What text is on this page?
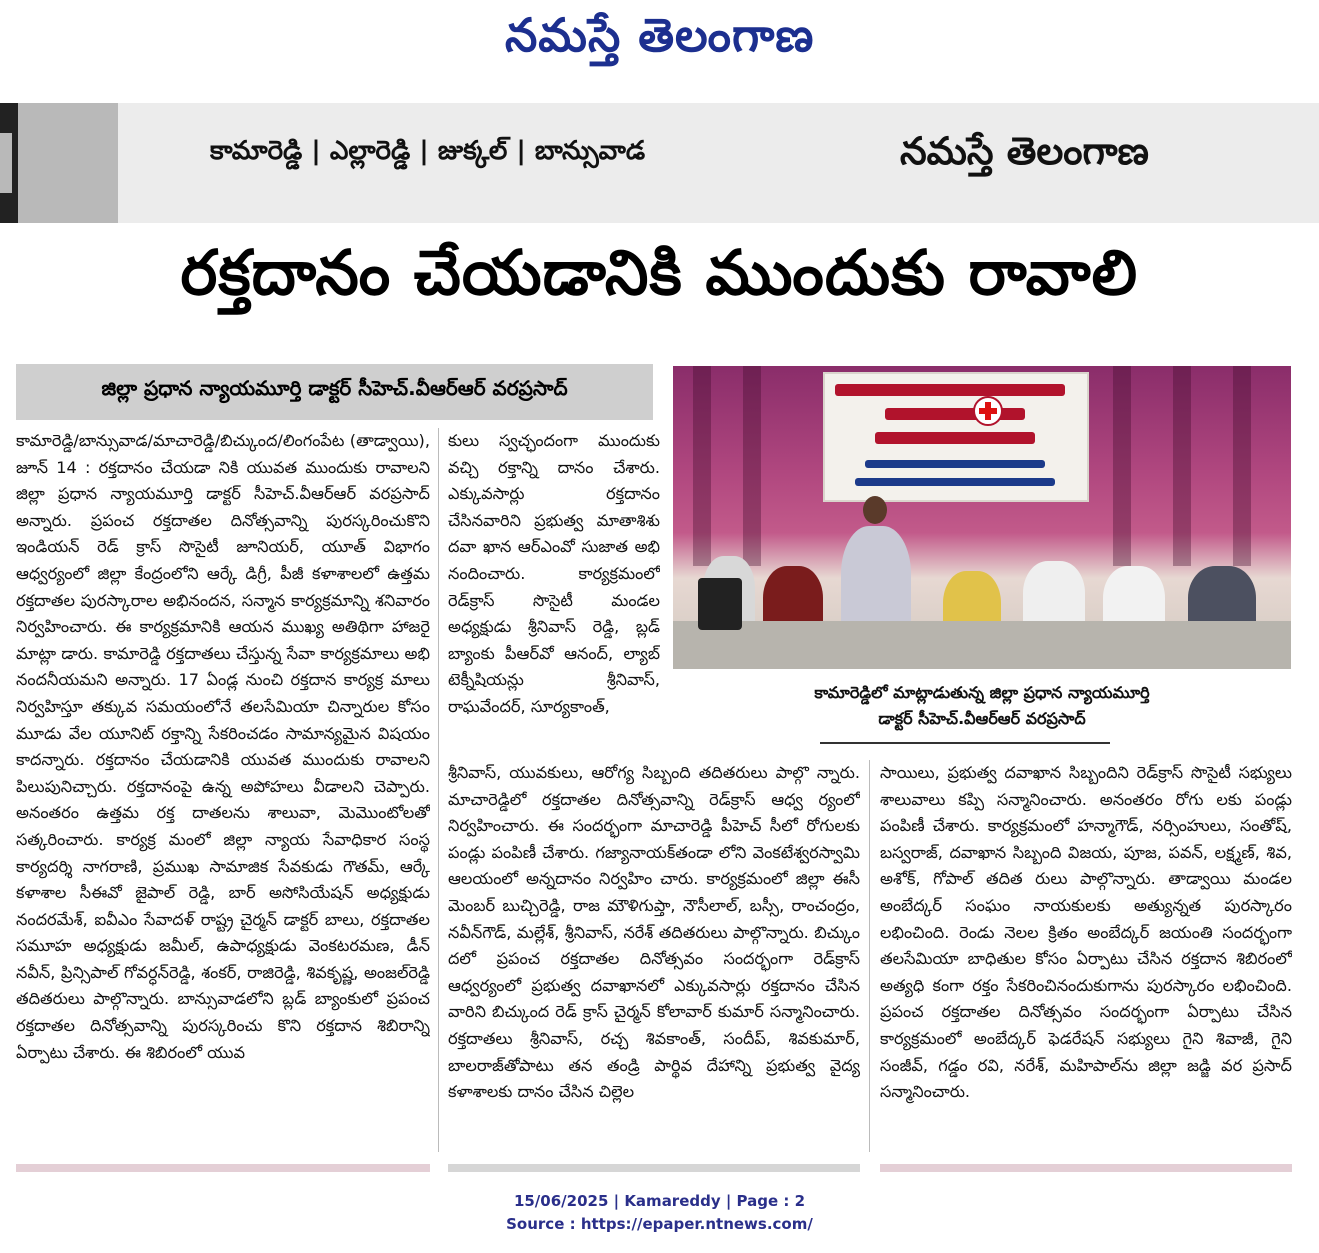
నమస్తే తెలంగాణ
కామారెడ్డి | ఎల్లారెడ్డి | జుక్కల్ | బాన్సువాడ	నమస్తే తెలంగాణ
రక్తదానం చేయడానికి ముందుకు రావాలి
జిల్లా ప్రధాన న్యాయమూర్తి డాక్టర్ సీహెచ్.వీఆర్ఆర్ వరప్రసాద్

కామారెడ్డి/బాన్సువాడ/మాచారెడ్డి/బిచ్కుంద/లింగంపేట (తాడ్వాయి), జూన్ 14 : రక్తదానం చేయడా నికి యువత ముందుకు రావాలని జిల్లా ప్రధాన న్యాయమూర్తి డాక్టర్ సీహెచ్.వీఆర్ఆర్ వరప్రసాద్ అన్నారు. ప్రపంచ రక్తదాతల దినోత్సవాన్ని పురస్కరించుకొని ఇండియన్ రెడ్ క్రాస్ సొసైటీ జూనియర్, యూత్ విభాగం ఆధ్వర్యంలో జిల్లా కేంద్రంలోని ఆర్కే డిగ్రీ, పీజీ కళాశాలలో ఉత్తమ రక్తదాతల పురస్కారాల అభినందన, సన్మాన కార్యక్రమాన్ని శనివారం నిర్వహించారు. ఈ కార్యక్రమానికి ఆయన ముఖ్య అతిథిగా హాజరై మాట్లా డారు. కామారెడ్డి రక్తదాతలు చేస్తున్న సేవా కార్యక్రమాలు అభి నందనీయమని అన్నారు. 17 ఏండ్ల నుంచి రక్తదాన కార్యక్ర మాలు నిర్వహిస్తూ తక్కువ సమయంలోనే తలసేమియా చిన్నారుల కోసం మూడు వేల యూనిట్ రక్తాన్ని సేకరించడం సామాన్యమైన విషయం కాదన్నారు. రక్తదానం చేయడానికి యువత ముందుకు రావాలని పిలుపునిచ్చారు. రక్తదానంపై ఉన్న అపోహలు వీడాలని చెప్పారు. అనంతరం ఉత్తమ రక్త దాతలను శాలువా, మెమొంటోలతో సత్కరించారు. కార్యక్ర మంలో జిల్లా న్యాయ సేవాధికార సంస్థ కార్యదర్శి నాగరాణి, ప్రముఖ సామాజిక సేవకుడు గౌతమ్, ఆర్కే కళాశాల సీఈవో జైపాల్ రెడ్డి, బార్ అసోసియేషన్ అధ్యక్షుడు నందరమేశ్, ఐవీఎం సేవాదళ్ రాష్ట్ర చైర్మన్ డాక్టర్ బాలు, రక్తదాతల సమూహ అధ్యక్షుడు జమీల్, ఉపాధ్యక్షుడు వెంకటరమణ, డీన్ నవీన్, ప్రిన్సిపాల్ గోవర్ధన్‌రెడ్డి, శంకర్, రాజిరెడ్డి, శివకృష్ణ, అంజల్‌రెడ్డి తదితరులు పాల్గొన్నారు. బాన్సువాడలోని బ్లడ్ బ్యాంకులో ప్రపంచ రక్తదాతల దినోత్సవాన్ని పురస్కరించు కొని రక్తదాన శిబిరాన్ని ఏర్పాటు చేశారు. ఈ శిబిరంలో యువ

కులు స్వచ్ఛందంగా ముందుకు వచ్చి రక్తాన్ని దానం చేశారు. ఎక్కువసార్లు రక్తదానం చేసినవారిని ప్రభుత్వ మాతాశిశు దవా ఖాన ఆర్ఎంవో సుజాత అభి నందించారు. కార్యక్రమంలో రెడ్‌క్రాస్ సొసైటీ మండల అధ్యక్షుడు శ్రీనివాస్ రెడ్డి, బ్లడ్ బ్యాంకు పీఆర్‌వో ఆనంద్, ల్యాబ్ టెక్నీషియన్లు శ్రీనివాస్, రాఘవేందర్, సూర్యకాంత్,

కామారెడ్డిలో మాట్లాడుతున్న జిల్లా ప్రధాన న్యాయమూర్తి
డాక్టర్ సీహెచ్.వీఆర్ఆర్ వరప్రసాద్

శ్రీనివాస్, యువకులు, ఆరోగ్య సిబ్బంది తదితరులు పాల్గొ న్నారు. మాచారెడ్డిలో రక్తదాతల దినోత్సవాన్ని రెడ్‌క్రాస్ ఆధ్వ ర్యంలో నిర్వహించారు. ఈ సందర్భంగా మాచారెడ్డి పీహెచ్ సీలో రోగులకు పండ్లు పంపిణీ చేశారు. గజ్యానాయక్‌తండా లోని వెంకటేశ్వరస్వామి ఆలయంలో అన్నదానం నిర్వహిం చారు. కార్యక్రమంలో జిల్లా ఈసీ మెంబర్ బుచ్చిరెడ్డి, రాజ మౌళిగుప్తా, నౌసీలాల్, బస్సీ, రాంచంద్రం, నవీన్‌గౌడ్, మల్లేశ్, శ్రీనివాస్, నరేశ్ తదితరులు పాల్గొన్నారు. బిచ్కుం దలో ప్రపంచ రక్తదాతల దినోత్సవం సందర్భంగా రెడ్‌క్రాస్ ఆధ్వర్యంలో ప్రభుత్వ దవాఖానలో ఎక్కువసార్లు రక్తదానం చేసిన వారిని బిచ్కుంద రెడ్ క్రాస్ చైర్మన్ కోలావార్ కుమార్ సన్మానించారు. రక్తదాతలు శ్రీనివాస్, రచ్చ శివకాంత్, సందీప్, శివకుమార్, బాలరాజ్‌తోపాటు తన తండ్రి పార్థివ దేహాన్ని ప్రభుత్వ వైద్య కళాశాలకు దానం చేసిన చిల్లెల

సాయిలు, ప్రభుత్వ దవాఖాన సిబ్బందిని రెడ్‌క్రాస్ సొసైటీ సభ్యులు శాలువాలు కప్పి సన్మానించారు. అనంతరం రోగు లకు పండ్లు పంపిణీ చేశారు. కార్యక్రమంలో హన్మాగౌడ్, నర్సింహులు, సంతోష్, బస్వరాజ్, దవాఖాన సిబ్బంది విజయ, పూజ, పవన్, లక్ష్మణ్, శివ, అశోక్, గోపాల్ తదిత రులు పాల్గొన్నారు. తాడ్వాయి మండల అంబేద్కర్ సంఘం నాయకులకు అత్యున్నత పురస్కారం లభించింది. రెండు నెలల క్రితం అంబేద్కర్ జయంతి సందర్భంగా తలసేమియా బాధితుల కోసం ఏర్పాటు చేసిన రక్తదాన శిబిరంలో అత్యధి కంగా రక్తం సేకరించినందుకుగాను పురస్కారం లభించింది. ప్రపంచ రక్తదాతల దినోత్సవం సందర్భంగా ఏర్పాటు చేసిన కార్యక్రమంలో అంబేద్కర్ ఫెడరేషన్ సభ్యులు గైని శివాజీ, గైని సంజీవ్, గడ్డం రవి, నరేశ్, మహిపాల్‌ను జిల్లా జడ్జి వర ప్రసాద్ సన్మానించారు.

15/06/2025 | Kamareddy | Page : 2
Source : https://epaper.ntnews.com/
